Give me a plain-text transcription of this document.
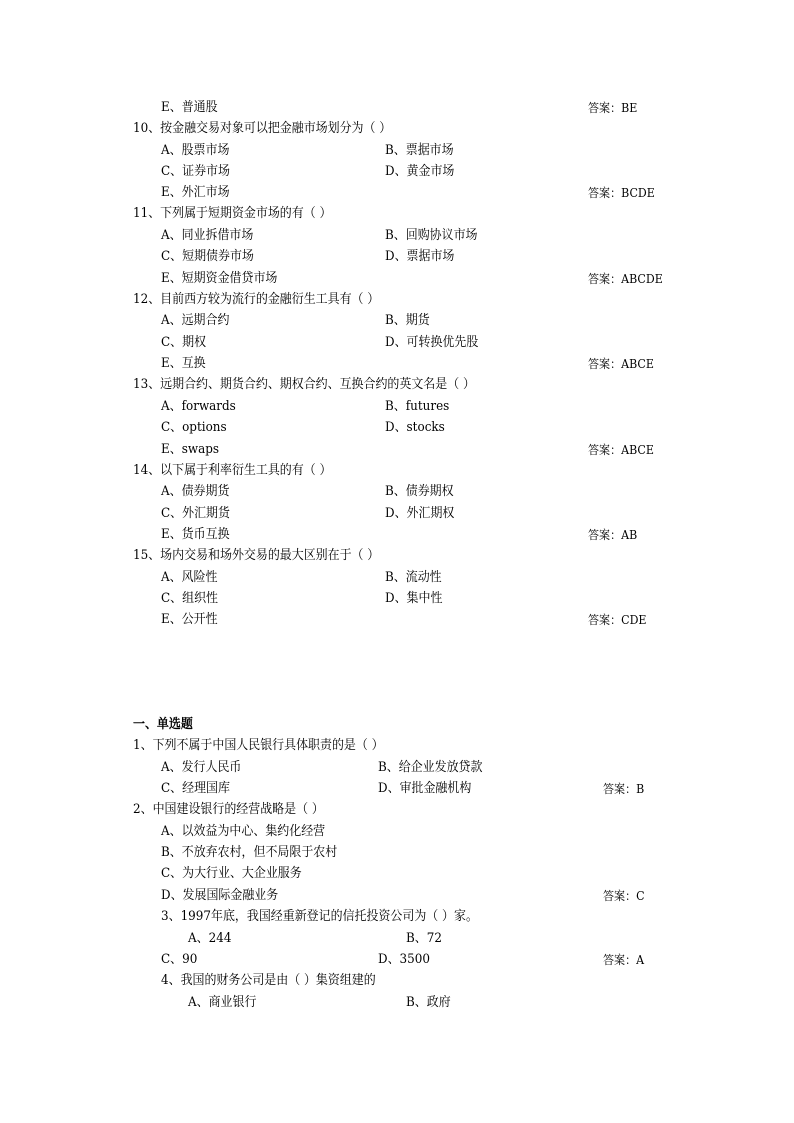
E、普通股	答案：BE
10、按金融交易对象可以把金融市场划分为（ ）
A、股票市场	B、票据市场
C、证券市场	D、黄金市场
E、外汇市场	答案：BCDE
11、下列属于短期资金市场的有（ ）
A、同业拆借市场	B、回购协议市场
C、短期债券市场	D、票据市场
E、短期资金借贷市场	答案：ABCDE
12、目前西方较为流行的金融衍生工具有（ ）
A、远期合约	B、期货
C、期权	D、可转换优先股
E、互换	答案：ABCE
13、远期合约、期货合约、期权合约、互换合约的英文名是（ ）
A、forwards	B、futures
C、options	D、stocks
E、swaps	答案：ABCE
14、以下属于利率衍生工具的有（ ）
A、债券期货	B、债券期权
C、外汇期货	D、外汇期权
E、货币互换	答案：AB
15、场内交易和场外交易的最大区别在于（ ）
A、风险性	B、流动性
C、组织性	D、集中性
E、公开性	答案：CDE
一、单选题
1、下列不属于中国人民银行具体职责的是（ ）
A、发行人民币	B、给企业发放贷款
C、经理国库	D、审批金融机构	答案：B
2、中国建设银行的经营战略是（ ）
A、以效益为中心、集约化经营
B、不放弃农村，但不局限于农村
C、为大行业、大企业服务
D、发展国际金融业务	答案：C
3、1997年底，我国经重新登记的信托投资公司为（ ）家。
A、244	B、72
C、90	D、3500	答案：A
4、我国的财务公司是由（ ）集资组建的
A、商业银行	B、政府
